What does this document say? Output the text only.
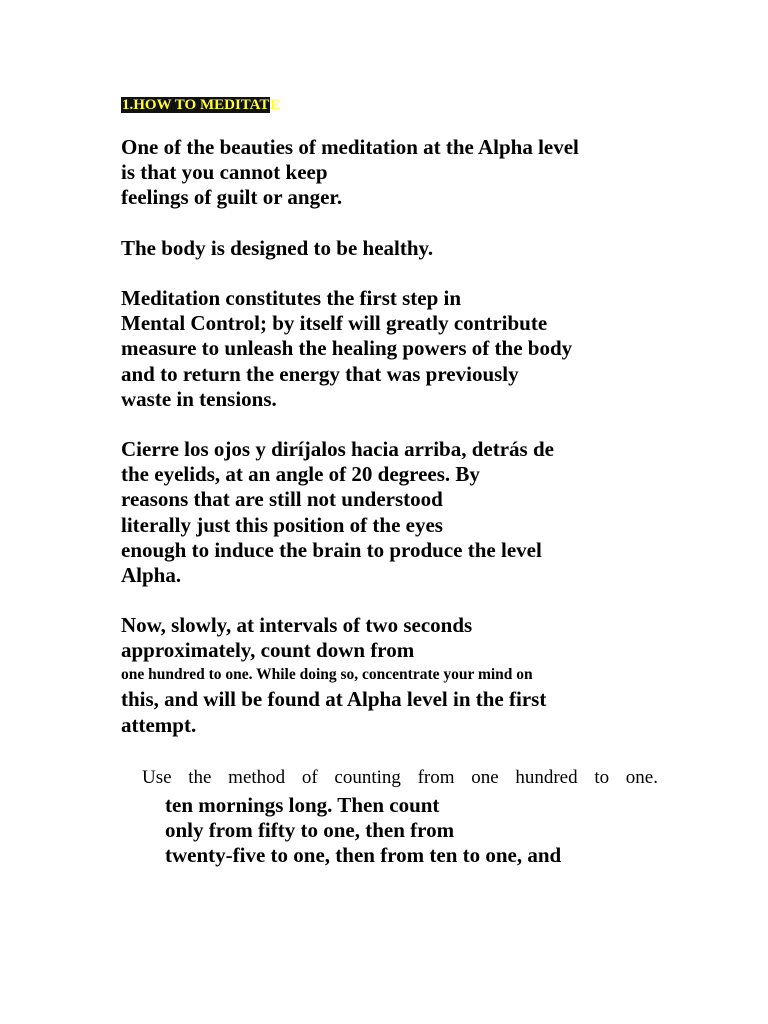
1.HOW TO MEDITATE
One of the beauties of meditation at the Alpha level
is that you cannot keep
feelings of guilt or anger.
The body is designed to be healthy.
Meditation constitutes the first step in
Mental Control; by itself will greatly contribute
measure to unleash the healing powers of the body
and to return the energy that was previously
waste in tensions.
Cierre los ojos y diríjalos hacia arriba, detrás de
the eyelids, at an angle of 20 degrees. By
reasons that are still not understood
literally just this position of the eyes
enough to induce the brain to produce the level
Alpha.
Now, slowly, at intervals of two seconds
approximately, count down from
one hundred to one. While doing so, concentrate your mind on
this, and will be found at Alpha level in the first
attempt.
Use the method of counting from one hundred to one.
ten mornings long. Then count
only from fifty to one, then from
twenty-five to one, then from ten to one, and
